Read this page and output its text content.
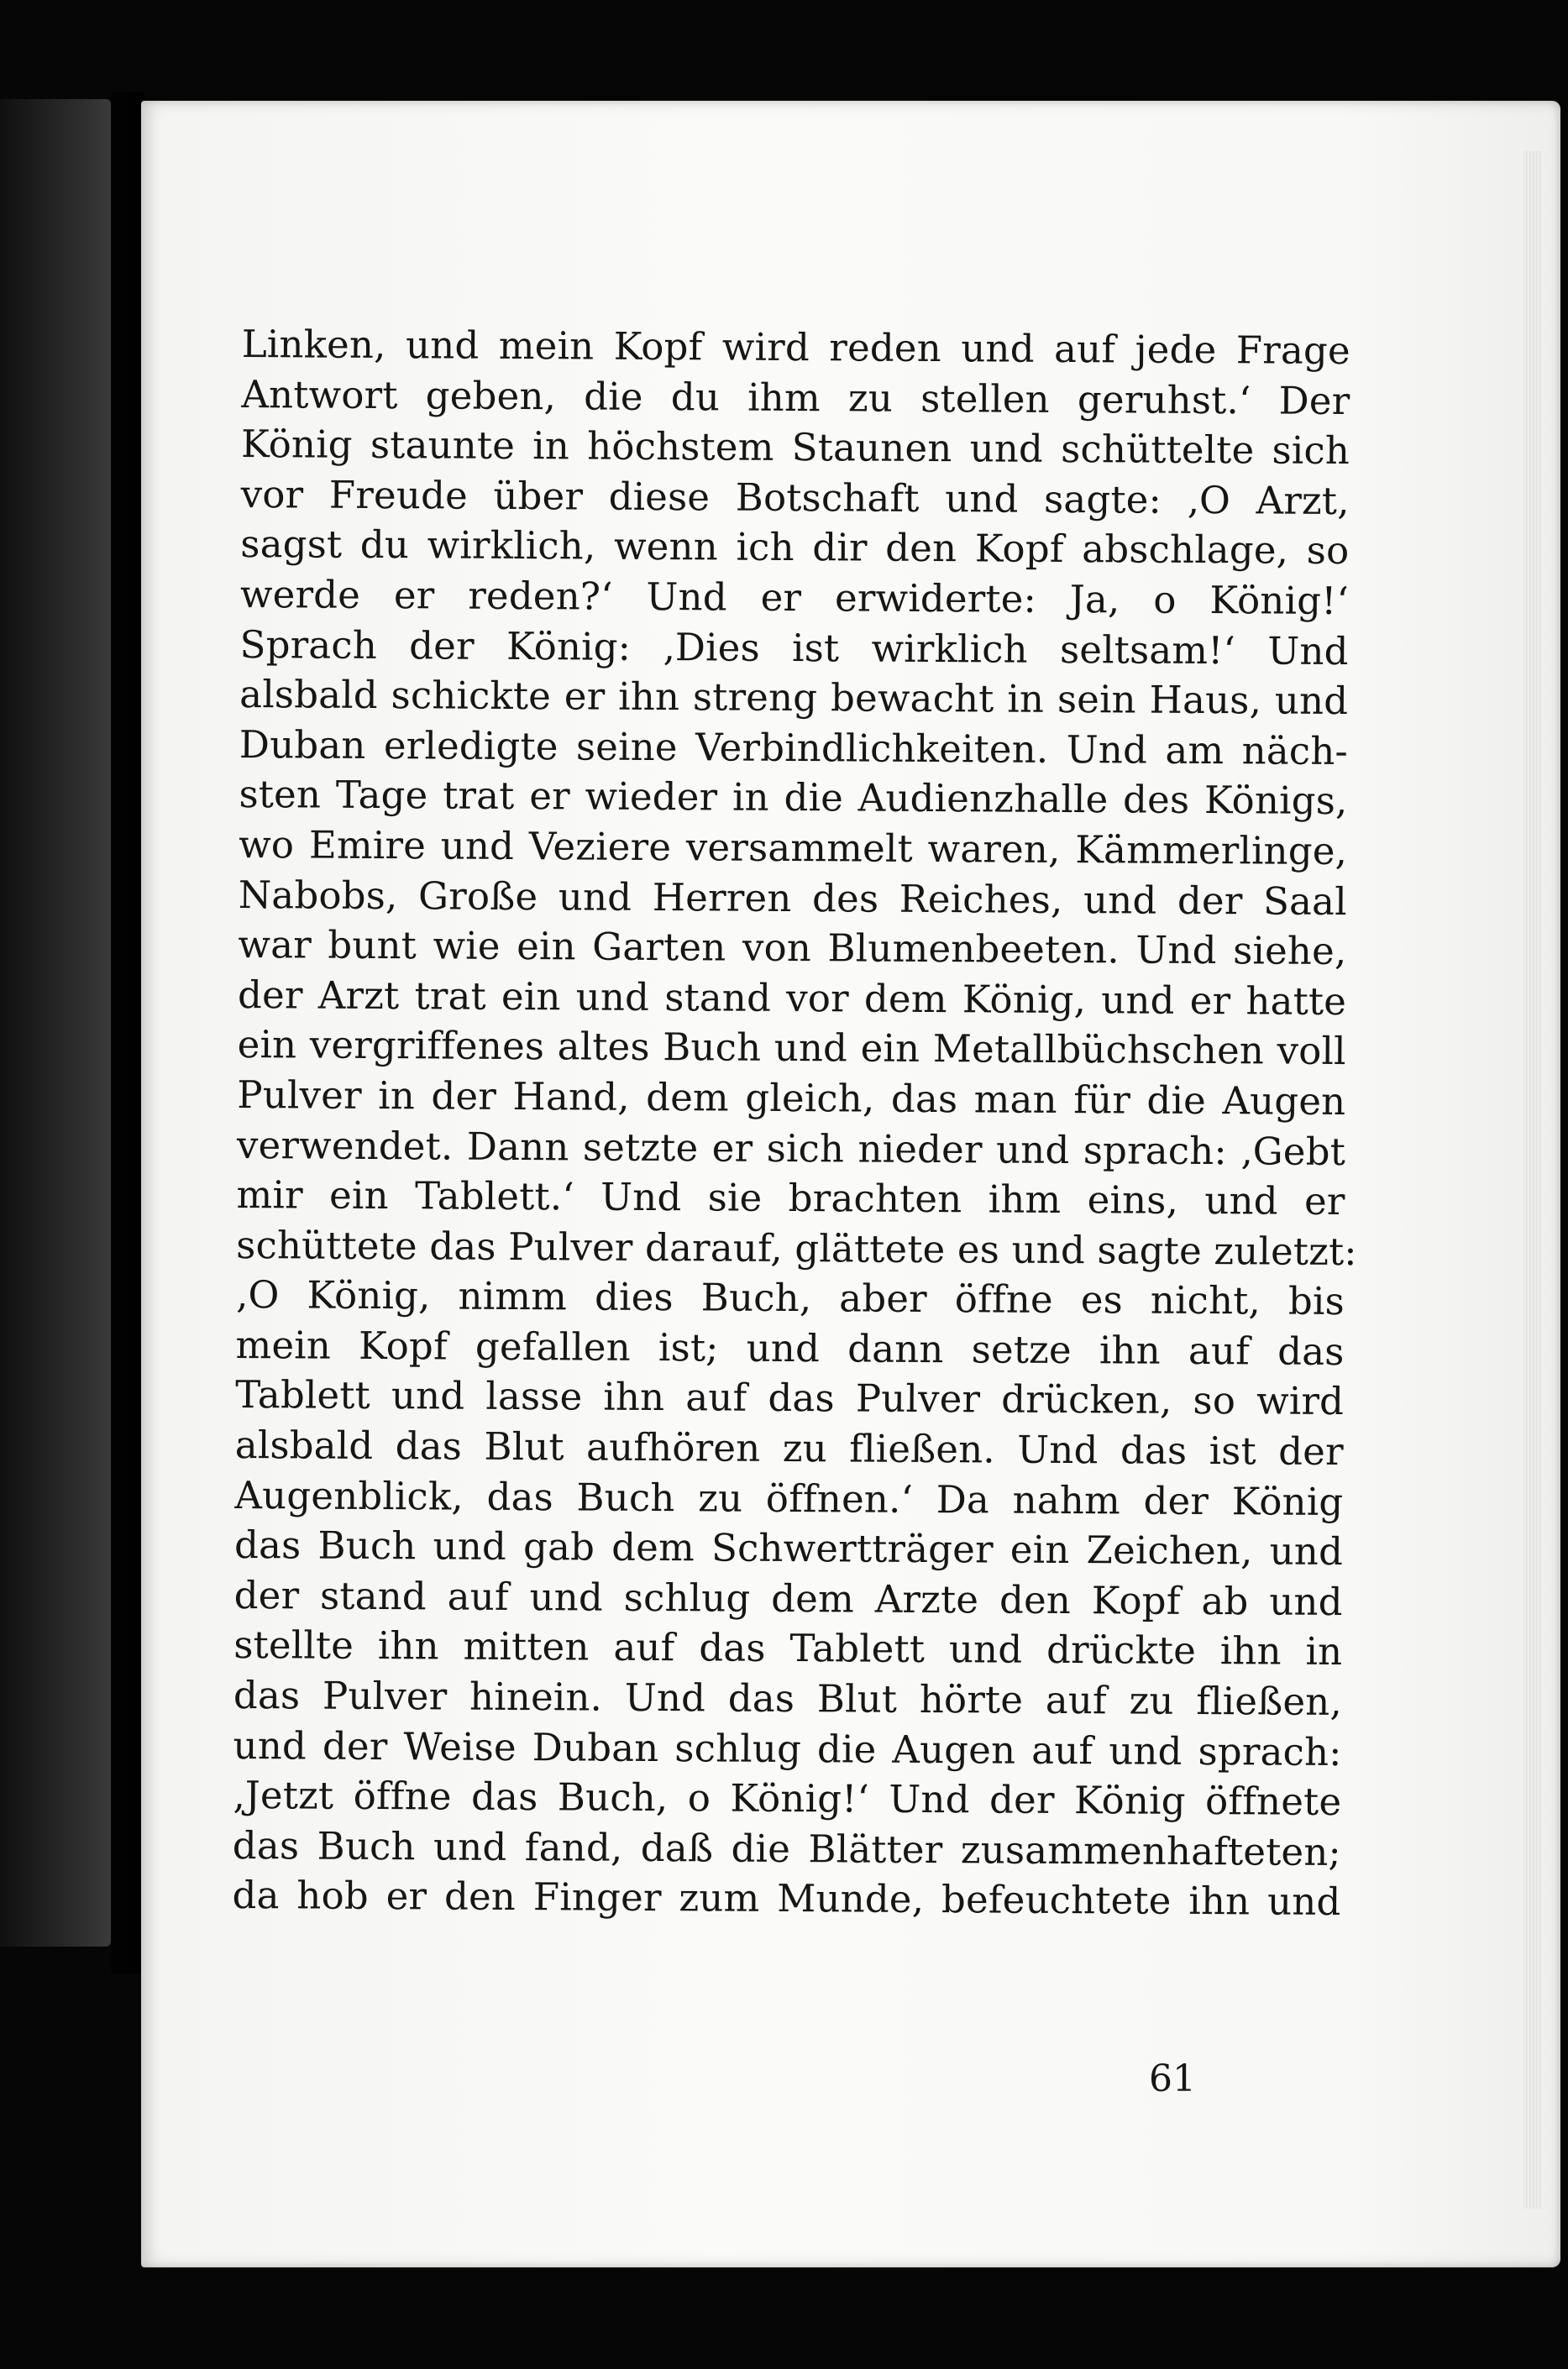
Linken, und mein Kopf wird reden und auf jede Frage
Antwort geben, die du ihm zu stellen geruhst.‘ Der
König staunte in höchstem Staunen und schüttelte sich
vor Freude über diese Botschaft und sagte: ‚O Arzt,
sagst du wirklich, wenn ich dir den Kopf abschlage, so
werde er reden?‘ Und er erwiderte: Ja, o König!‘
Sprach der König: ‚Dies ist wirklich seltsam!‘ Und
alsbald schickte er ihn streng bewacht in sein Haus, und
Duban erledigte seine Verbindlichkeiten. Und am näch-
sten Tage trat er wieder in die Audienzhalle des Königs,
wo Emire und Veziere versammelt waren, Kämmerlinge,
Nabobs, Große und Herren des Reiches, und der Saal
war bunt wie ein Garten von Blumenbeeten. Und siehe,
der Arzt trat ein und stand vor dem König, und er hatte
ein vergriffenes altes Buch und ein Metallbüchschen voll
Pulver in der Hand, dem gleich, das man für die Augen
verwendet. Dann setzte er sich nieder und sprach: ‚Gebt
mir ein Tablett.‘ Und sie brachten ihm eins, und er
schüttete das Pulver darauf, glättete es und sagte zuletzt:
‚O König, nimm dies Buch, aber öffne es nicht, bis
mein Kopf gefallen ist; und dann setze ihn auf das
Tablett und lasse ihn auf das Pulver drücken, so wird
alsbald das Blut aufhören zu fließen. Und das ist der
Augenblick, das Buch zu öffnen.‘ Da nahm der König
das Buch und gab dem Schwertträger ein Zeichen, und
der stand auf und schlug dem Arzte den Kopf ab und
stellte ihn mitten auf das Tablett und drückte ihn in
das Pulver hinein. Und das Blut hörte auf zu fließen,
und der Weise Duban schlug die Augen auf und sprach:
‚Jetzt öffne das Buch, o König!‘ Und der König öffnete
das Buch und fand, daß die Blätter zusammenhafteten;
da hob er den Finger zum Munde, befeuchtete ihn und
61
